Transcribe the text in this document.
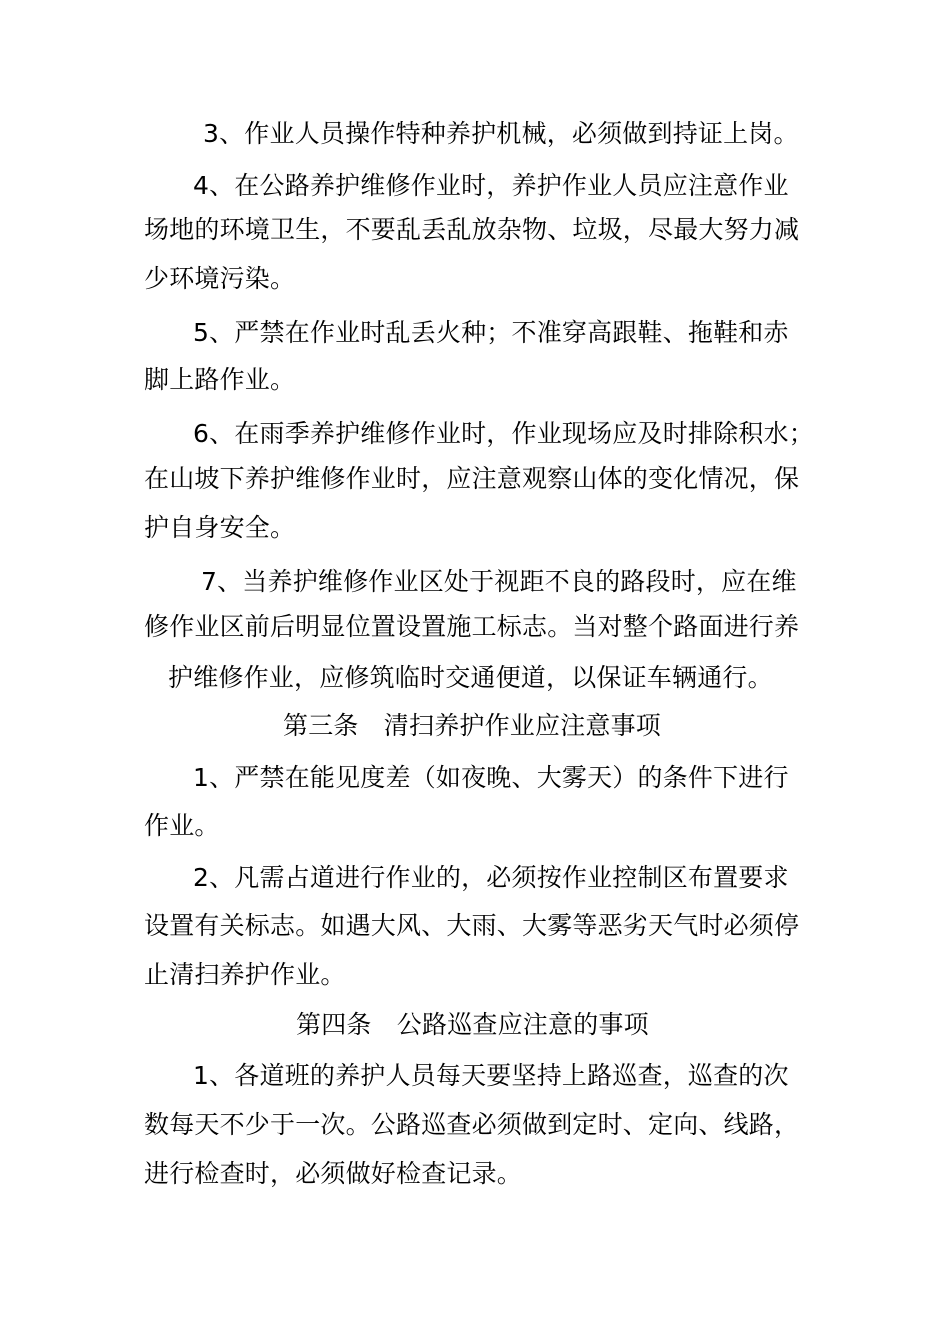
3、作业人员操作特种养护机械，必须做到持证上岗。
4、在公路养护维修作业时，养护作业人员应注意作业
场地的环境卫生，不要乱丢乱放杂物、垃圾，尽最大努力减
少环境污染。
5、严禁在作业时乱丢火种；不准穿高跟鞋、拖鞋和赤
脚上路作业。
6、在雨季养护维修作业时，作业现场应及时排除积水；
在山坡下养护维修作业时，应注意观察山体的变化情况，保
护自身安全。
7、当养护维修作业区处于视距不良的路段时，应在维
修作业区前后明显位置设置施工标志。当对整个路面进行养
护维修作业，应修筑临时交通便道，以保证车辆通行。
第三条　清扫养护作业应注意事项
1、严禁在能见度差（如夜晚、大雾天）的条件下进行
作业。
2、凡需占道进行作业的，必须按作业控制区布置要求
设置有关标志。如遇大风、大雨、大雾等恶劣天气时必须停
止清扫养护作业。
第四条　公路巡查应注意的事项
1、各道班的养护人员每天要坚持上路巡查，巡查的次
数每天不少于一次。公路巡查必须做到定时、定向、线路，
进行检查时，必须做好检查记录。
